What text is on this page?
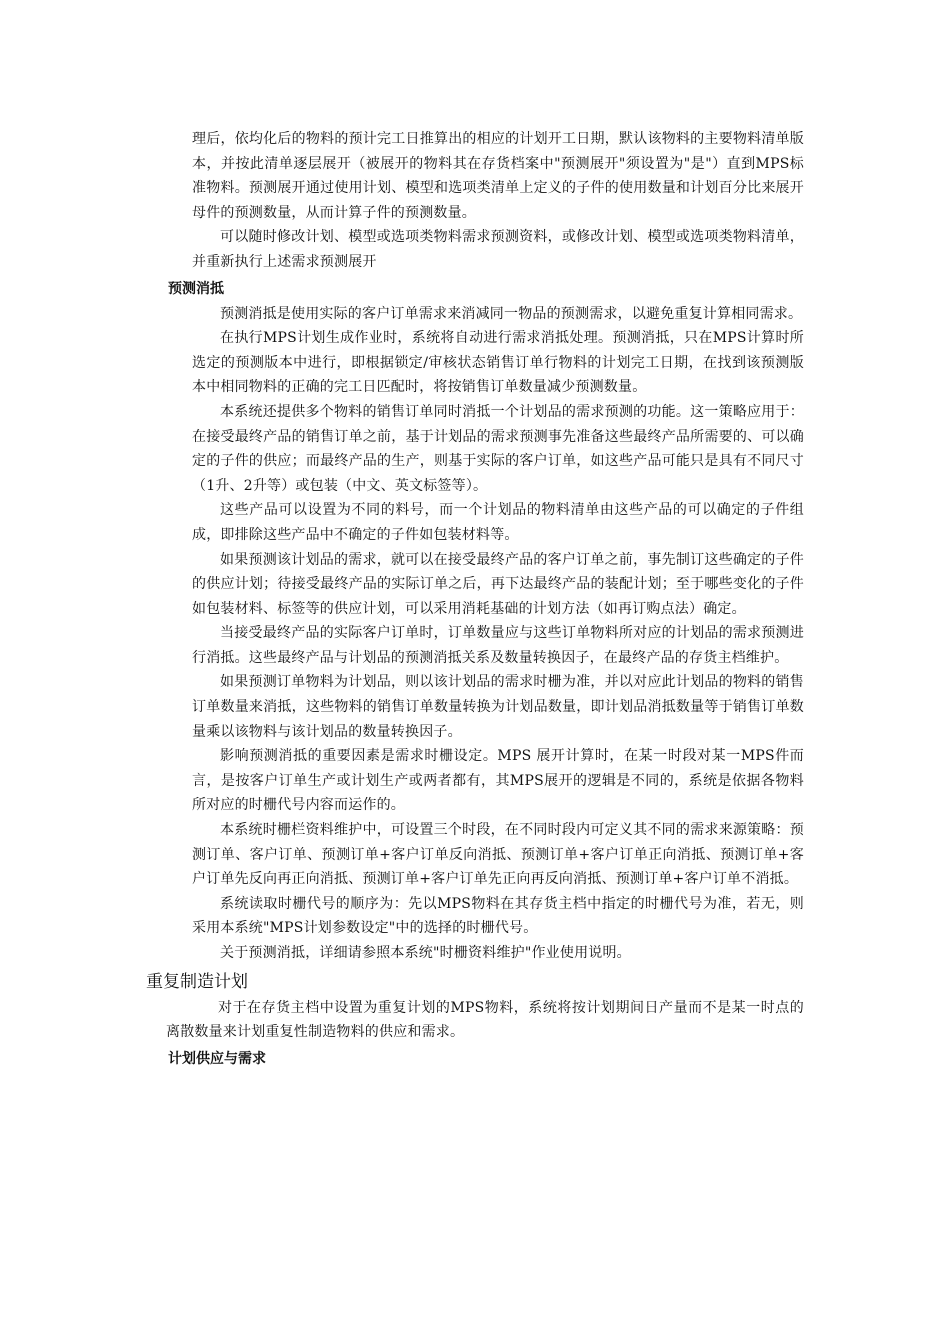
理后，依均化后的物料的预计完工日推算出的相应的计划开工日期，默认该物料的主要物料清单版本，并按此清单逐层展开（被展开的物料其在存货档案中"预测展开"须设置为"是"）直到MPS标准物料。预测展开通过使用计划、模型和选项类清单上定义的子件的使用数量和计划百分比来展开母件的预测数量，从而计算子件的预测数量。

可以随时修改计划、模型或选项类物料需求预测资料，或修改计划、模型或选项类物料清单，并重新执行上述需求预测展开

预测消抵

预测消抵是使用实际的客户订单需求来消减同一物品的预测需求，以避免重复计算相同需求。

在执行MPS计划生成作业时，系统将自动进行需求消抵处理。预测消抵，只在MPS计算时所选定的预测版本中进行，即根据锁定/审核状态销售订单行物料的计划完工日期，在找到该预测版本中相同物料的正确的完工日匹配时，将按销售订单数量减少预测数量。

本系统还提供多个物料的销售订单同时消抵一个计划品的需求预测的功能。这一策略应用于：在接受最终产品的销售订单之前，基于计划品的需求预测事先准备这些最终产品所需要的、可以确定的子件的供应；而最终产品的生产，则基于实际的客户订单，如这些产品可能只是具有不同尺寸（1升、2升等）或包装（中文、英文标签等）。

这些产品可以设置为不同的料号，而一个计划品的物料清单由这些产品的可以确定的子件组成，即排除这些产品中不确定的子件如包装材料等。

如果预测该计划品的需求，就可以在接受最终产品的客户订单之前，事先制订这些确定的子件的供应计划；待接受最终产品的实际订单之后，再下达最终产品的装配计划；至于哪些变化的子件如包装材料、标签等的供应计划，可以采用消耗基础的计划方法（如再订购点法）确定。

当接受最终产品的实际客户订单时，订单数量应与这些订单物料所对应的计划品的需求预测进行消抵。这些最终产品与计划品的预测消抵关系及数量转换因子，在最终产品的存货主档维护。

如果预测订单物料为计划品，则以该计划品的需求时栅为准，并以对应此计划品的物料的销售订单数量来消抵，这些物料的销售订单数量转换为计划品数量，即计划品消抵数量等于销售订单数量乘以该物料与该计划品的数量转换因子。

影响预测消抵的重要因素是需求时栅设定。MPS 展开计算时，在某一时段对某一MPS件而言，是按客户订单生产或计划生产或两者都有，其MPS展开的逻辑是不同的，系统是依据各物料所对应的时栅代号内容而运作的。

本系统时栅栏资料维护中，可设置三个时段，在不同时段内可定义其不同的需求来源策略：预测订单、客户订单、预测订单+客户订单反向消抵、预测订单+客户订单正向消抵、预测订单+客户订单先反向再正向消抵、预测订单+客户订单先正向再反向消抵、预测订单+客户订单不消抵。

系统读取时栅代号的顺序为：先以MPS物料在其存货主档中指定的时栅代号为准，若无，则采用本系统"MPS计划参数设定"中的选择的时栅代号。

关于预测消抵，详细请参照本系统"时栅资料维护"作业使用说明。

重复制造计划

对于在存货主档中设置为重复计划的MPS物料，系统将按计划期间日产量而不是某一时点的离散数量来计划重复性制造物料的供应和需求。

计划供应与需求
